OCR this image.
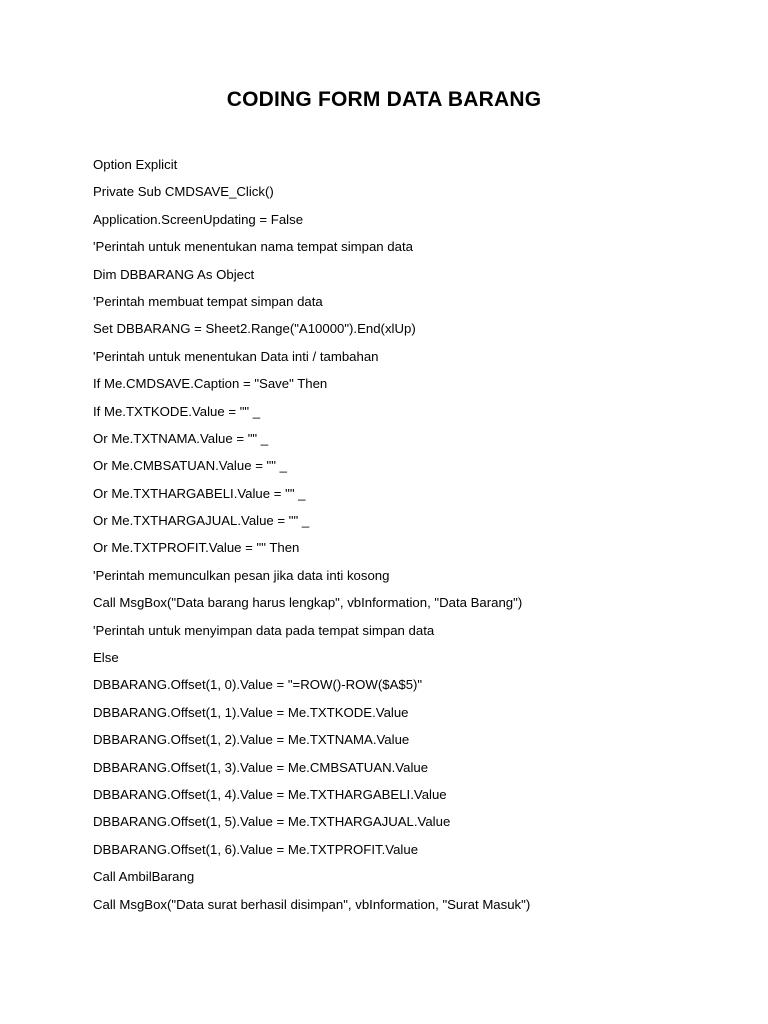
CODING FORM DATA BARANG
Option Explicit
Private Sub CMDSAVE_Click()
Application.ScreenUpdating = False
'Perintah untuk menentukan nama tempat simpan data
Dim DBBARANG As Object
'Perintah membuat tempat simpan data
Set DBBARANG = Sheet2.Range("A10000").End(xlUp)
'Perintah untuk menentukan Data inti / tambahan
If Me.CMDSAVE.Caption = "Save" Then
If Me.TXTKODE.Value = "" _
Or Me.TXTNAMA.Value = "" _
Or Me.CMBSATUAN.Value = "" _
Or Me.TXTHARGABELI.Value = "" _
Or Me.TXTHARGAJUAL.Value = "" _
Or Me.TXTPROFIT.Value = "" Then
'Perintah memunculkan pesan jika data inti kosong
Call MsgBox("Data barang harus lengkap", vbInformation, "Data Barang")
'Perintah untuk menyimpan data pada tempat simpan data
Else
DBBARANG.Offset(1, 0).Value = "=ROW()-ROW($A$5)"
DBBARANG.Offset(1, 1).Value = Me.TXTKODE.Value
DBBARANG.Offset(1, 2).Value = Me.TXTNAMA.Value
DBBARANG.Offset(1, 3).Value = Me.CMBSATUAN.Value
DBBARANG.Offset(1, 4).Value = Me.TXTHARGABELI.Value
DBBARANG.Offset(1, 5).Value = Me.TXTHARGAJUAL.Value
DBBARANG.Offset(1, 6).Value = Me.TXTPROFIT.Value
Call AmbilBarang
Call MsgBox("Data surat berhasil disimpan", vbInformation, "Surat Masuk")
